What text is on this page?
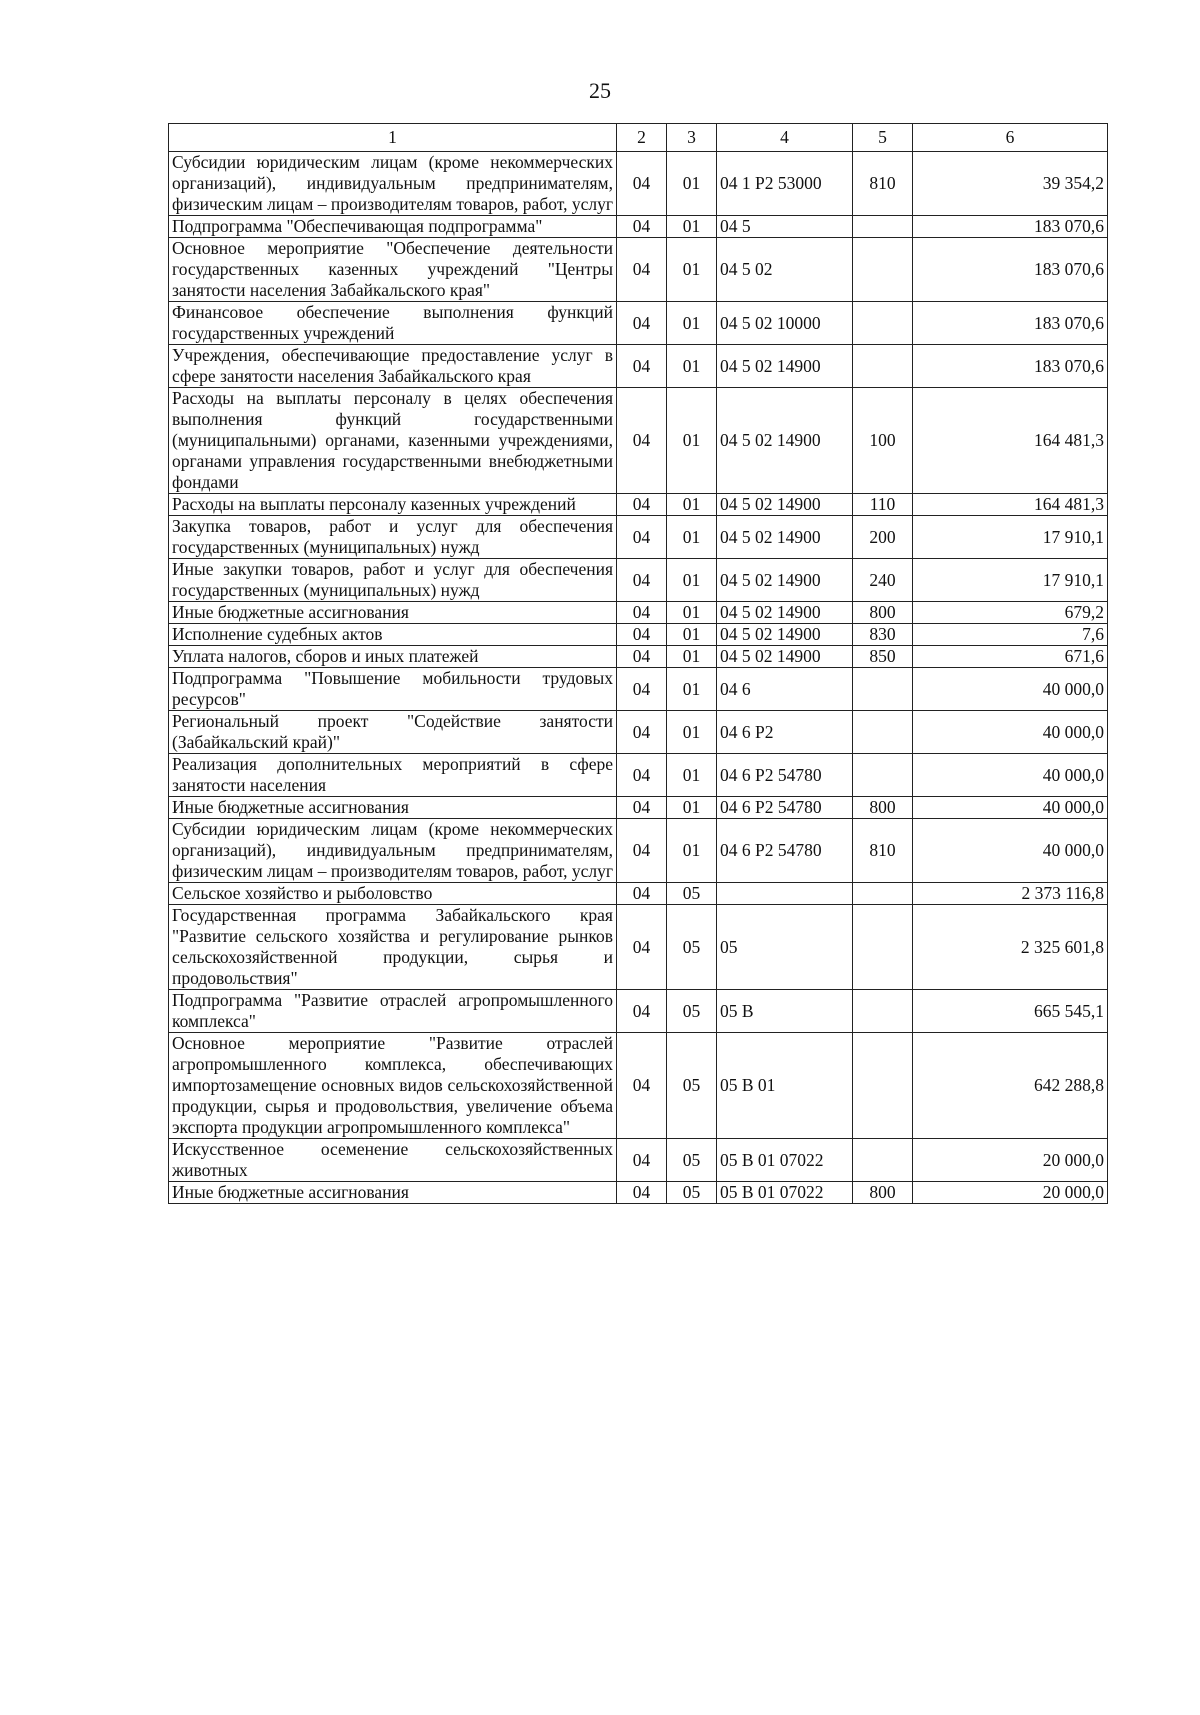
25
1	2	3	4	5	6
Субсидии юридическим лицам (кроме некоммерческих организаций), индивидуальным предпринимателям, физическим лицам – производителям товаров, работ, услуг	04	01	04 1 P2 53000	810	39 354,2
Подпрограмма "Обеспечивающая подпрограмма"	04	01	04 5		183 070,6
Основное мероприятие "Обеспечение деятельности государственных казенных учреждений "Центры занятости населения Забайкальского края"	04	01	04 5 02		183 070,6
Финансовое обеспечение выполнения функций государственных учреждений	04	01	04 5 02 10000		183 070,6
Учреждения, обеспечивающие предоставление услуг в сфере занятости населения Забайкальского края	04	01	04 5 02 14900		183 070,6
Расходы на выплаты персоналу в целях обеспечения выполнения функций государственными (муниципальными) органами, казенными учреждениями, органами управления государственными внебюджетными фондами	04	01	04 5 02 14900	100	164 481,3
Расходы на выплаты персоналу казенных учреждений	04	01	04 5 02 14900	110	164 481,3
Закупка товаров, работ и услуг для обеспечения государственных (муниципальных) нужд	04	01	04 5 02 14900	200	17 910,1
Иные закупки товаров, работ и услуг для обеспечения государственных (муниципальных) нужд	04	01	04 5 02 14900	240	17 910,1
Иные бюджетные ассигнования	04	01	04 5 02 14900	800	679,2
Исполнение судебных актов	04	01	04 5 02 14900	830	7,6
Уплата налогов, сборов и иных платежей	04	01	04 5 02 14900	850	671,6
Подпрограмма "Повышение мобильности трудовых ресурсов"	04	01	04 6		40 000,0
Региональный проект "Содействие занятости (Забайкальский край)"	04	01	04 6 P2		40 000,0
Реализация дополнительных мероприятий в сфере занятости населения	04	01	04 6 P2 54780		40 000,0
Иные бюджетные ассигнования	04	01	04 6 P2 54780	800	40 000,0
Субсидии юридическим лицам (кроме некоммерческих организаций), индивидуальным предпринимателям, физическим лицам – производителям товаров, работ, услуг	04	01	04 6 P2 54780	810	40 000,0
Сельское хозяйство и рыболовство	04	05			2 373 116,8
Государственная программа Забайкальского края "Развитие сельского хозяйства и регулирование рынков сельскохозяйственной продукции, сырья и продовольствия"	04	05	05		2 325 601,8
Подпрограмма "Развитие отраслей агропромышленного комплекса"	04	05	05 В		665 545,1
Основное мероприятие "Развитие отраслей агропромышленного комплекса, обеспечивающих импортозамещение основных видов сельскохозяйственной продукции, сырья и продовольствия, увеличение объема экспорта продукции агропромышленного комплекса"	04	05	05 В 01		642 288,8
Искусственное осеменение сельскохозяйственных животных	04	05	05 В 01 07022		20 000,0
Иные бюджетные ассигнования	04	05	05 В 01 07022	800	20 000,0
